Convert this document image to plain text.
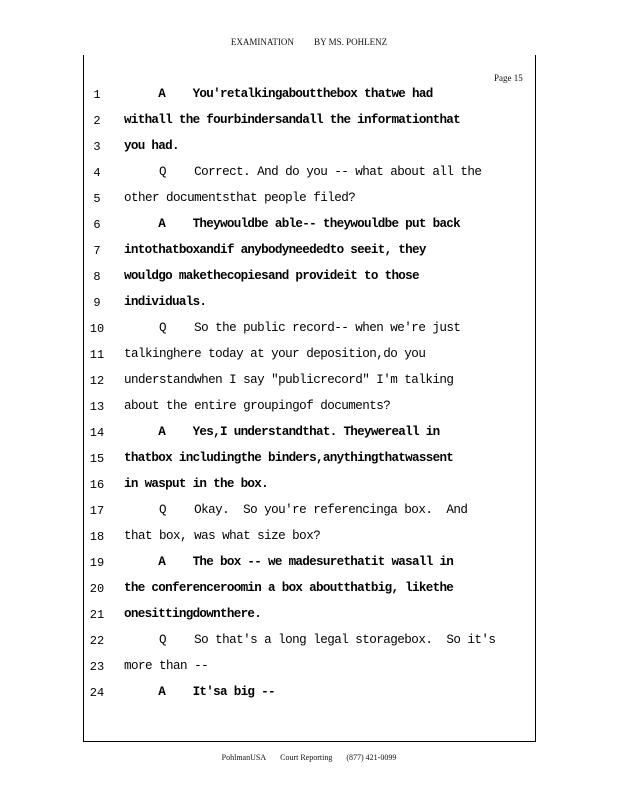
EXAMINATION BY MS. POHLENZ
Page 15
1	A    You'retalkingaboutthebox thatwe had
2	withall the fourbindersandall the informationthat
3	you had.
4	Q    Correct. And do you -- what about all the
5	other documentsthat people filed?
6	A    Theywouldbe able-- theywouldbe put back
7	intothatboxandif anybodyneededto seeit, they
8	wouldgo makethecopiesand provideit to those
9	individuals.
10	Q    So the public record-- when we're just
11	talkinghere today at your deposition,do you
12	understandwhen I say "publicrecord" I'm talking
13	about the entire groupingof documents?
14	A    Yes,I understandthat. Theywereall in
15	thatbox includingthe binders,anythingthatwassent
16	in wasput in the box.
17	Q    Okay.  So you're referencinga box.  And
18	that box, was what size box?
19	A    The box -- we madesurethatit wasall in
20	the conferenceroomin a box aboutthatbig, likethe
21	onesittingdownthere.
22	Q    So that's a long legal storagebox.  So it's
23	more than --
24	A    It'sa big --
PohlmanUSA Court Reporting (877) 421-0099
